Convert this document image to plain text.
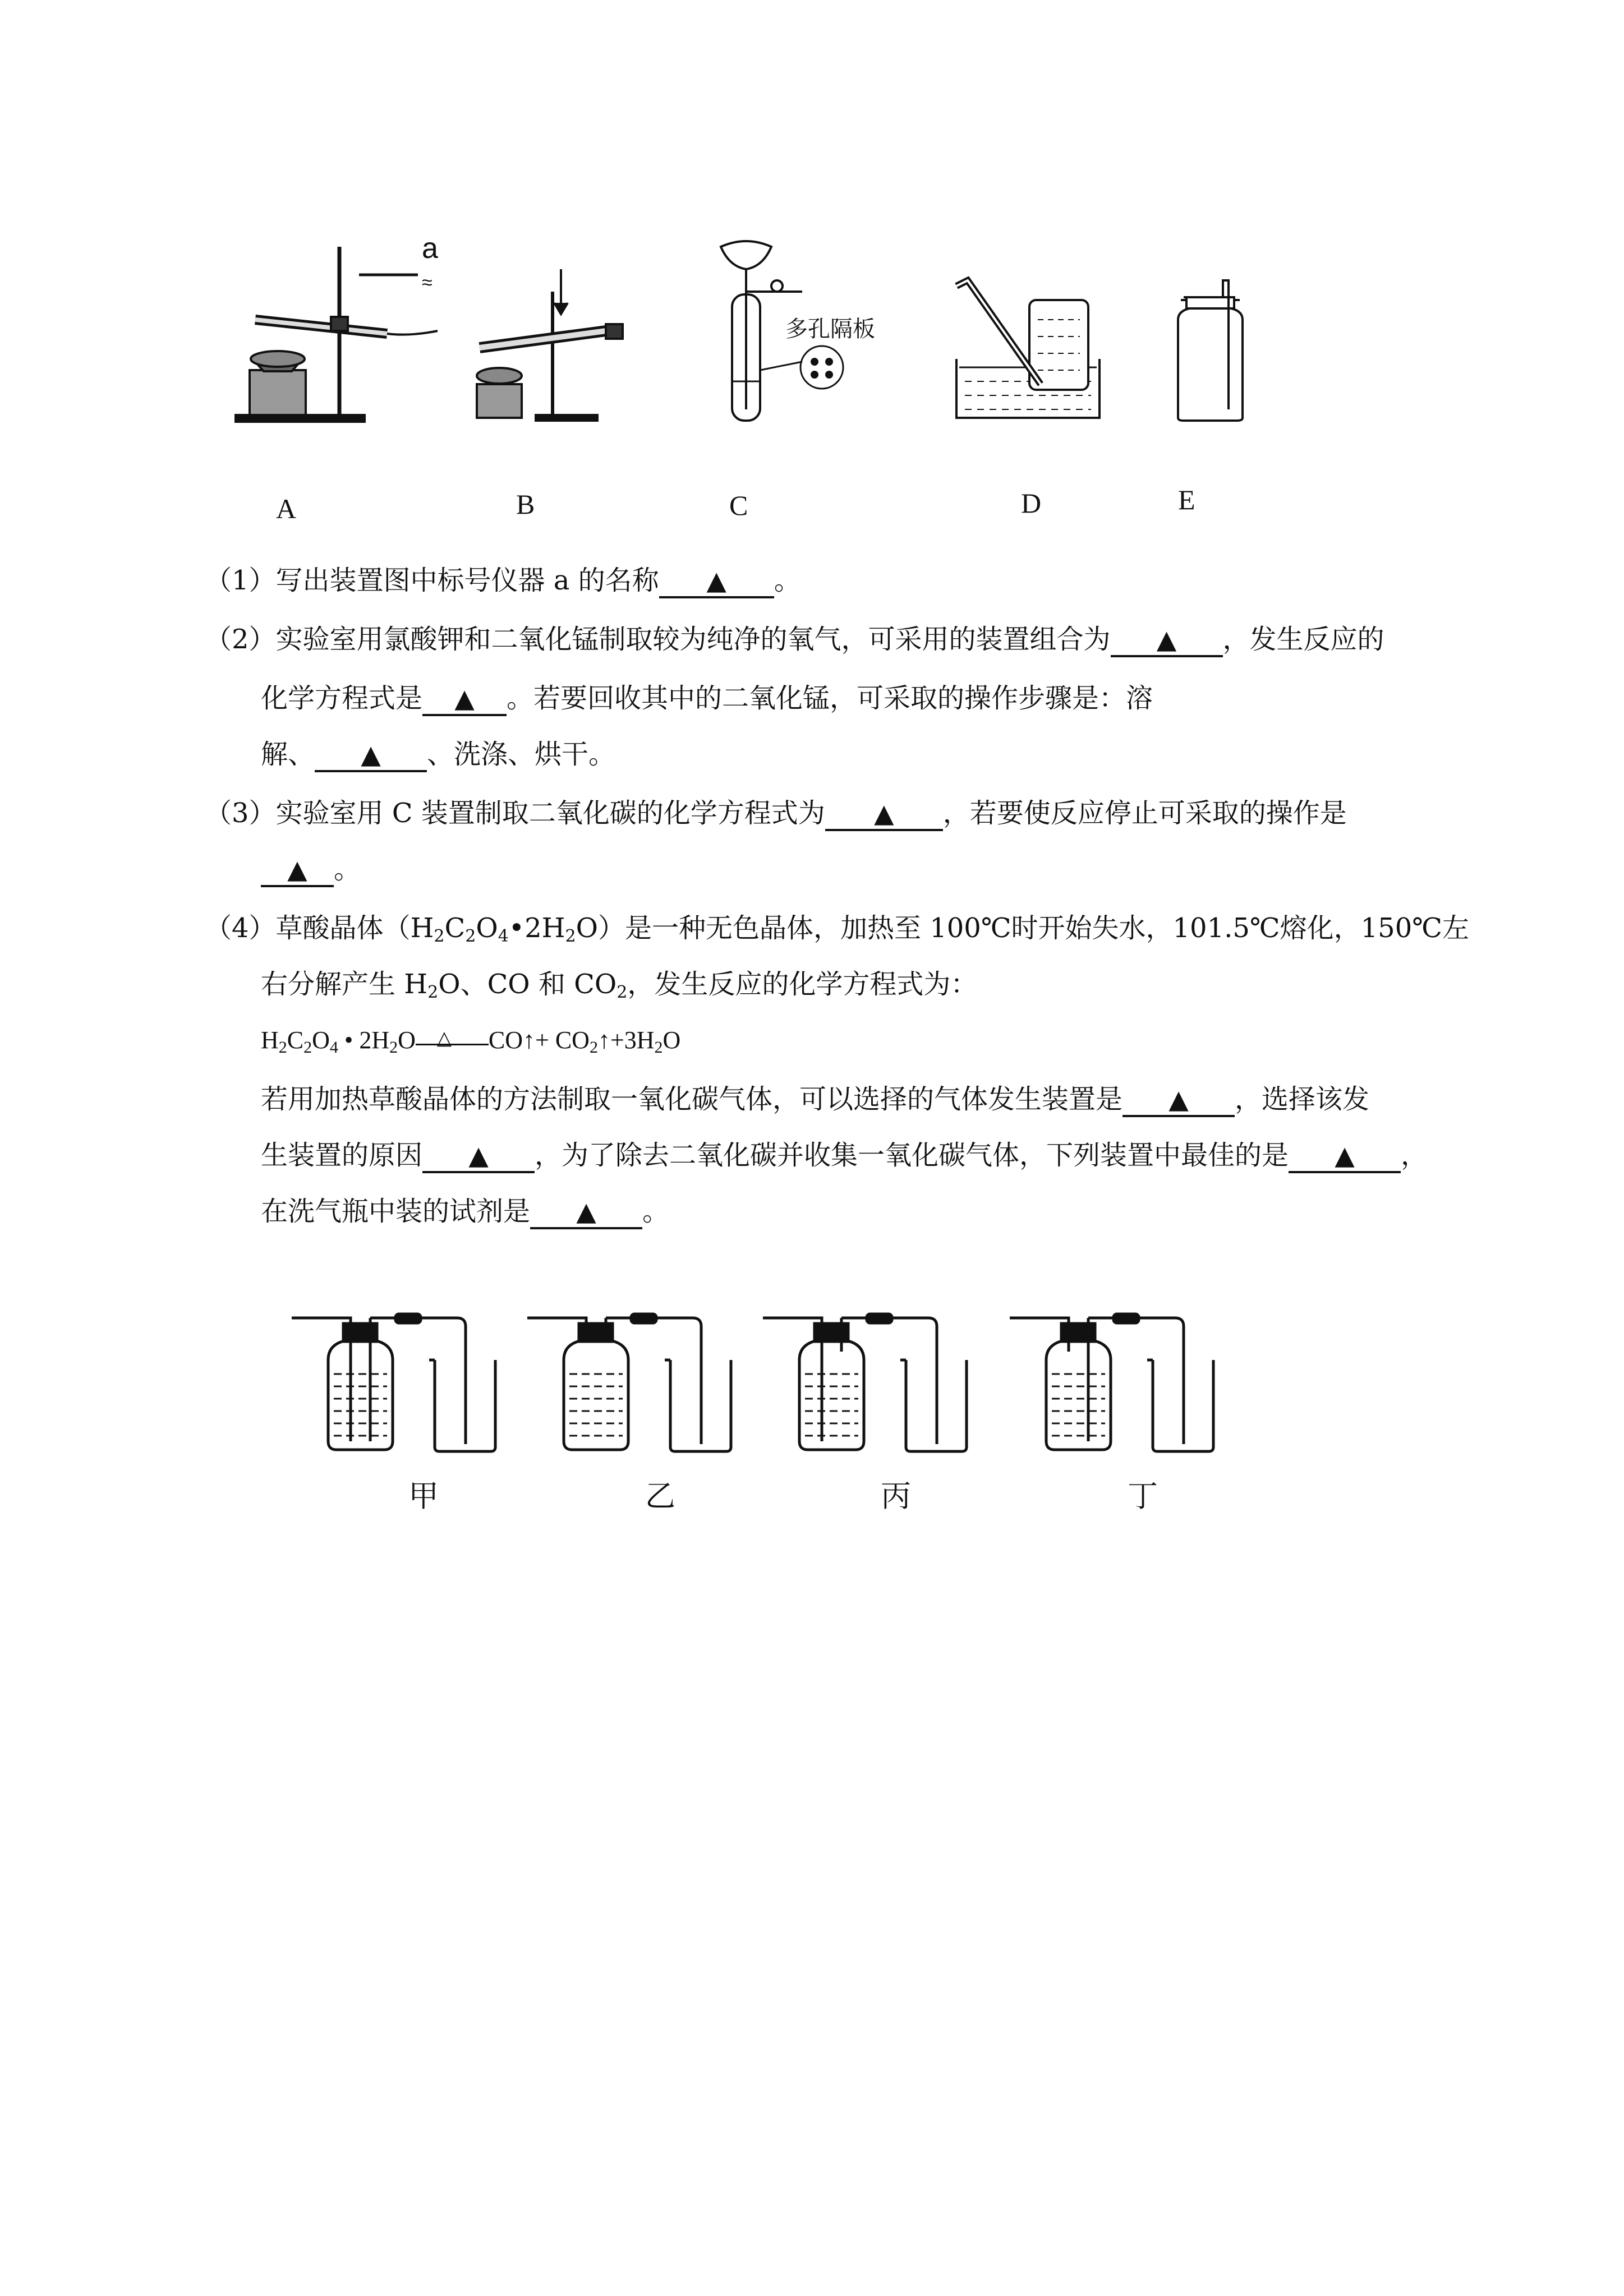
a
≈
多孔隔板
A	B	C	D	E
（1）写出装置图中标号仪器 a 的名称 ▲ 。
（2）实验室用氯酸钾和二氧化锰制取较为纯净的氧气，可采用的装置组合为 ▲ ，发生反应的
化学方程式是 ▲ 。若要回收其中的二氧化锰，可采取的操作步骤是：溶
解、 ▲ 、洗涤、烘干。
（3）实验室用 C 装置制取二氧化碳的化学方程式为 ▲ ，若要使反应停止可采取的操作是
▲ 。
（4）草酸晶体$(H_2C_2O_4•2H_2O)$是一种无色晶体，加热至 100℃时开始失水，101.5℃熔化，150℃左
右分解产生 $H_2O$、CO 和 $CO_2$，发生反应的化学方程式为：
$H_2C_2O_4$ • $2H_2O$ △ CO↑+ $CO_2↑+3H_2O$
若用加热草酸晶体的方法制取一氧化碳气体，可以选择的气体发生装置是 ▲ ，选择该发
生装置的原因 ▲ ，为了除去二氧化碳并收集一氧化碳气体，下列装置中最佳的是 ▲ ，
在洗气瓶中装的试剂是 ▲ 。
甲	乙	丙	丁
